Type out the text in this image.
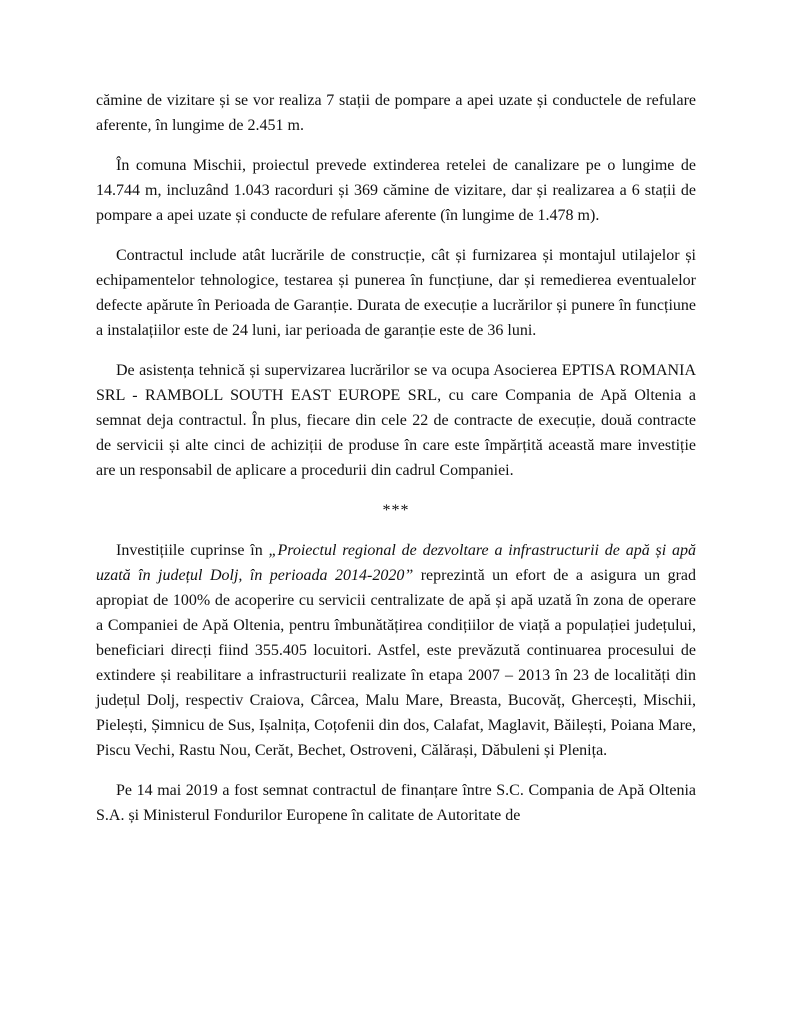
cămine de vizitare și se vor realiza 7 stații de pompare a apei uzate și conductele de refulare aferente, în lungime de 2.451 m.

În comuna Mischii, proiectul prevede extinderea retelei de canalizare pe o lungime de 14.744 m, incluzând 1.043 racorduri și 369 cămine de vizitare, dar și realizarea a 6 stații de pompare a apei uzate și conducte de refulare aferente (în lungime de 1.478 m).

Contractul include atât lucrările de construcție, cât și furnizarea și montajul utilajelor și echipamentelor tehnologice, testarea și punerea în funcțiune, dar și remedierea eventualelor defecte apărute în Perioada de Garanție. Durata de execuție a lucrărilor și punere în funcțiune a instalațiilor este de 24 luni, iar perioada de garanție este de 36 luni.

De asistența tehnică și supervizarea lucrărilor se va ocupa Asocierea EPTISA ROMANIA SRL - RAMBOLL SOUTH EAST EUROPE SRL, cu care Compania de Apă Oltenia a semnat deja contractul. În plus, fiecare din cele 22 de contracte de execuție, două contracte de servicii și alte cinci de achiziții de produse în care este împărțită această mare investiție are un responsabil de aplicare a procedurii din cadrul Companiei.

***

Investițiile cuprinse în „Proiectul regional de dezvoltare a infrastructurii de apă și apă uzată în județul Dolj, în perioada 2014-2020” reprezintă un efort de a asigura un grad apropiat de 100% de acoperire cu servicii centralizate de apă și apă uzată în zona de operare a Companiei de Apă Oltenia, pentru îmbunătățirea condițiilor de viață a populației județului, beneficiari direcți fiind 355.405 locuitori. Astfel, este prevăzută continuarea procesului de extindere și reabilitare a infrastructurii realizate în etapa 2007 – 2013 în 23 de localități din județul Dolj, respectiv Craiova, Cârcea, Malu Mare, Breasta, Bucovăț, Ghercești, Mischii, Pielești, Șimnicu de Sus, Ișalnița, Coțofenii din dos, Calafat, Maglavit, Băilești, Poiana Mare, Piscu Vechi, Rastu Nou, Cerăt, Bechet, Ostroveni, Călărași, Dăbuleni și Plenița.

Pe 14 mai 2019 a fost semnat contractul de finanțare între S.C. Compania de Apă Oltenia S.A. și Ministerul Fondurilor Europene în calitate de Autoritate de
